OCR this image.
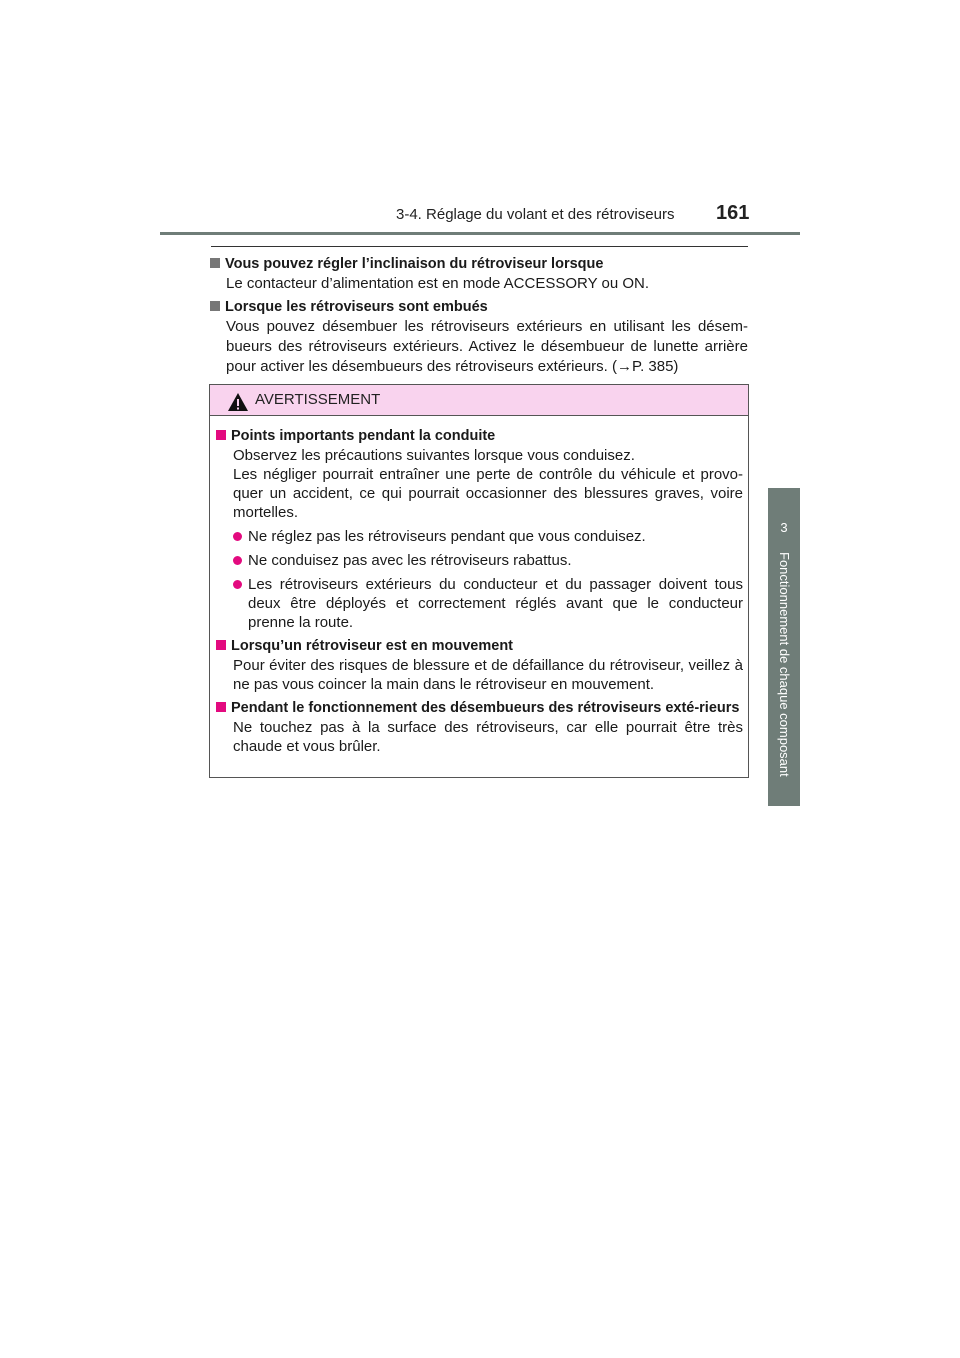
3-4. Réglage du volant et des rétroviseurs 161
3
Fonctionnement de chaque composant
Vous pouvez régler l’inclinaison du rétroviseur lorsque
Le contacteur d’alimentation est en mode ACCESSORY ou ON.
Lorsque les rétroviseurs sont embués
Vous pouvez désembuer les rétroviseurs extérieurs en utilisant les désem-bueurs des rétroviseurs extérieurs. Activez le désembueur de lunette arrière pour activer les désembueurs des rétroviseurs extérieurs. (→P. 385)
AVERTISSEMENT
Points importants pendant la conduite
Observez les précautions suivantes lorsque vous conduisez.
Les négliger pourrait entraîner une perte de contrôle du véhicule et provo-quer un accident, ce qui pourrait occasionner des blessures graves, voire mortelles.
Ne réglez pas les rétroviseurs pendant que vous conduisez.
Ne conduisez pas avec les rétroviseurs rabattus.
Les rétroviseurs extérieurs du conducteur et du passager doivent tous deux être déployés et correctement réglés avant que le conducteur prenne la route.
Lorsqu’un rétroviseur est en mouvement
Pour éviter des risques de blessure et de défaillance du rétroviseur, veillez à ne pas vous coincer la main dans le rétroviseur en mouvement.
Pendant le fonctionnement des désembueurs des rétroviseurs exté-rieurs
Ne touchez pas à la surface des rétroviseurs, car elle pourrait être très chaude et vous brûler.
